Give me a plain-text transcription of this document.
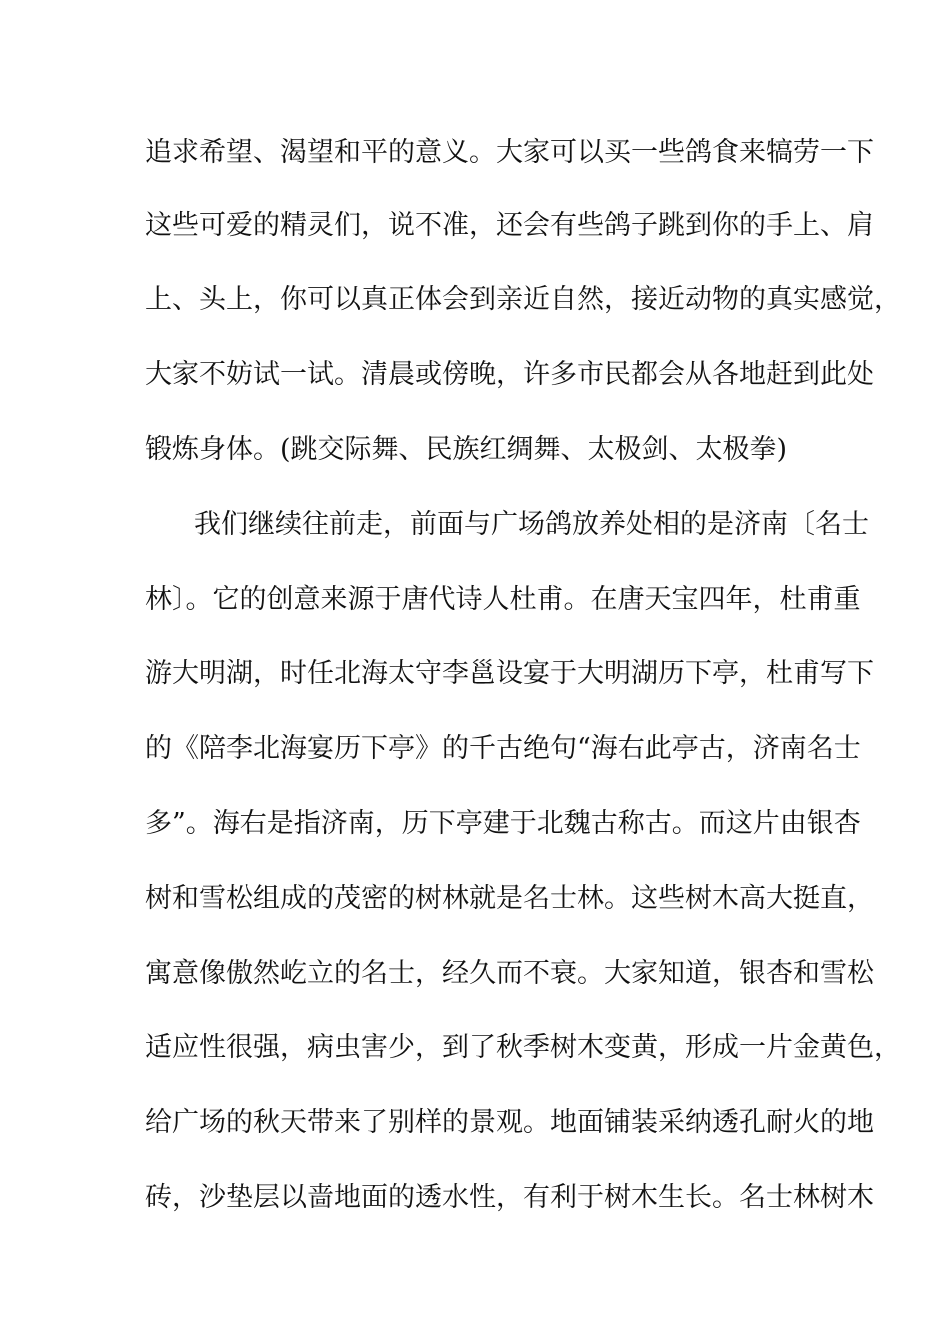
追求希望、渴望和平的意义。大家可以买一些鸽食来犒劳一下
这些可爱的精灵们，说不准，还会有些鸽子跳到你的手上、肩
上、头上，你可以真正体会到亲近自然，接近动物的真实感觉，
大家不妨试一试。清晨或傍晚，许多市民都会从各地赶到此处
锻炼身体。(跳交际舞、民族红绸舞、太极剑、太极拳)
我们继续往前走，前面与广场鸽放养处相的是济南〔名士
林〕。它的创意来源于唐代诗人杜甫。在唐天宝四年，杜甫重
游大明湖，时任北海太守李邕设宴于大明湖历下亭，杜甫写下
的《陪李北海宴历下亭》的千古绝句“海右此亭古，济南名士
多”。海右是指济南，历下亭建于北魏古称古。而这片由银杏
树和雪松组成的茂密的树林就是名士林。这些树木高大挺直，
寓意像傲然屹立的名士，经久而不衰。大家知道，银杏和雪松
适应性很强，病虫害少，到了秋季树木变黄，形成一片金黄色，
给广场的秋天带来了别样的景观。地面铺装采纳透孔耐火的地
砖，沙垫层以啬地面的透水性，有利于树木生长。名士林树木
